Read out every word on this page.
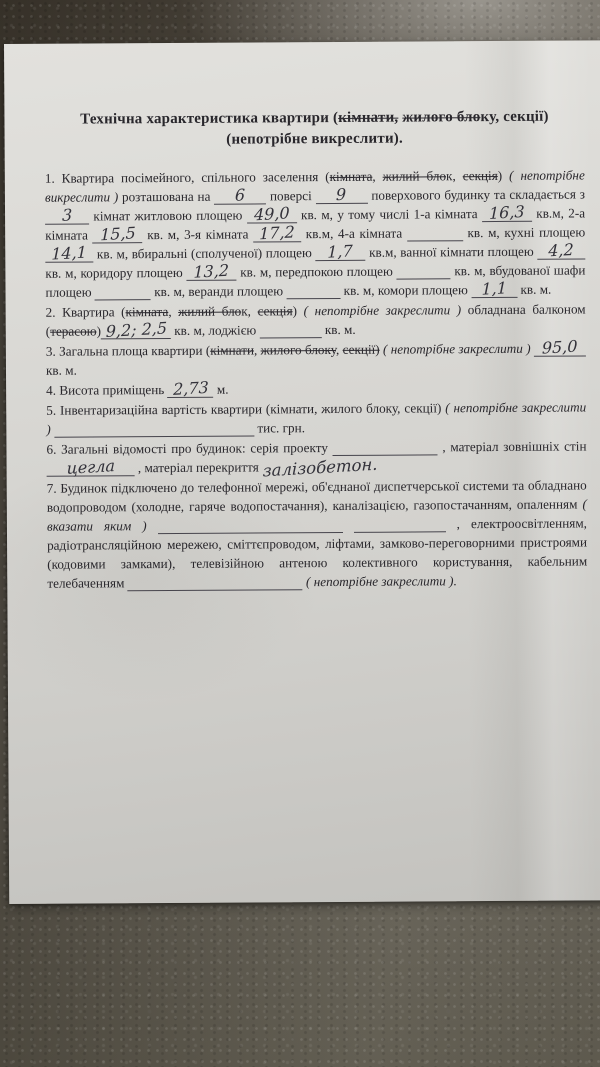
Технічна характеристика квартири (кімнати, жилого блоку, секції)
(непотрібне викреслити).

1. Квартира посімейного, спільного заселення (кімната, жилий блок, секція) ( непотрібне викреслити ) розташована на 6 поверсі 9 поверхового будинку та складається з 3 кімнат житловою площею 49,0 кв. м, у тому числі 1-а кімната 16,3 кв.м, 2-а кімната 15,5 кв. м, 3-я кімната 17,2 кв.м, 4-а кімната	кв. м, кухні площею 14,1 кв. м, вбиральні (сполученої) площею 1,7 кв.м, ванної кімнати площею 4,2 кв. м, коридору площею 13,2 кв. м, передпокою площею	кв. м, вбудованої шафи площею	кв. м, веранди площею	кв. м, комори площею 1,1 кв. м.

2. Квартира (кімната, жилий блок, секція) ( непотрібне закреслити ) обладнана балконом (терасою) 9,2; 2,5 кв. м, лоджією	кв. м.

3. Загальна площа квартири (кімнати, жилого блоку, секції) ( непотрібне закреслити ) 95,0 кв. м.

4. Висота приміщень 2,73 м.

5. Інвентаризаційна вартість квартири (кімнати, жилого блоку, секції) ( непотрібне закреслити )	тис. грн.

6. Загальні відомості про будинок: серія проекту	, матеріал зовнішніх стін цегла , матеріал перекриття залізобетон.

7. Будинок підключено до телефонної мережі, об'єднаної диспетчерської системи та обладнано водопроводом (холодне, гаряче водопостачання), каналізацією, газопостачанням, опаленням ( вказати яким )	, електроосвітленням, радіотрансляційною мережею, сміттєпроводом, ліфтами, замково-переговорними пристроями (кодовими замками), телевізійною антеною колективного користування, кабельним телебаченням	( непотрібне закреслити ).
